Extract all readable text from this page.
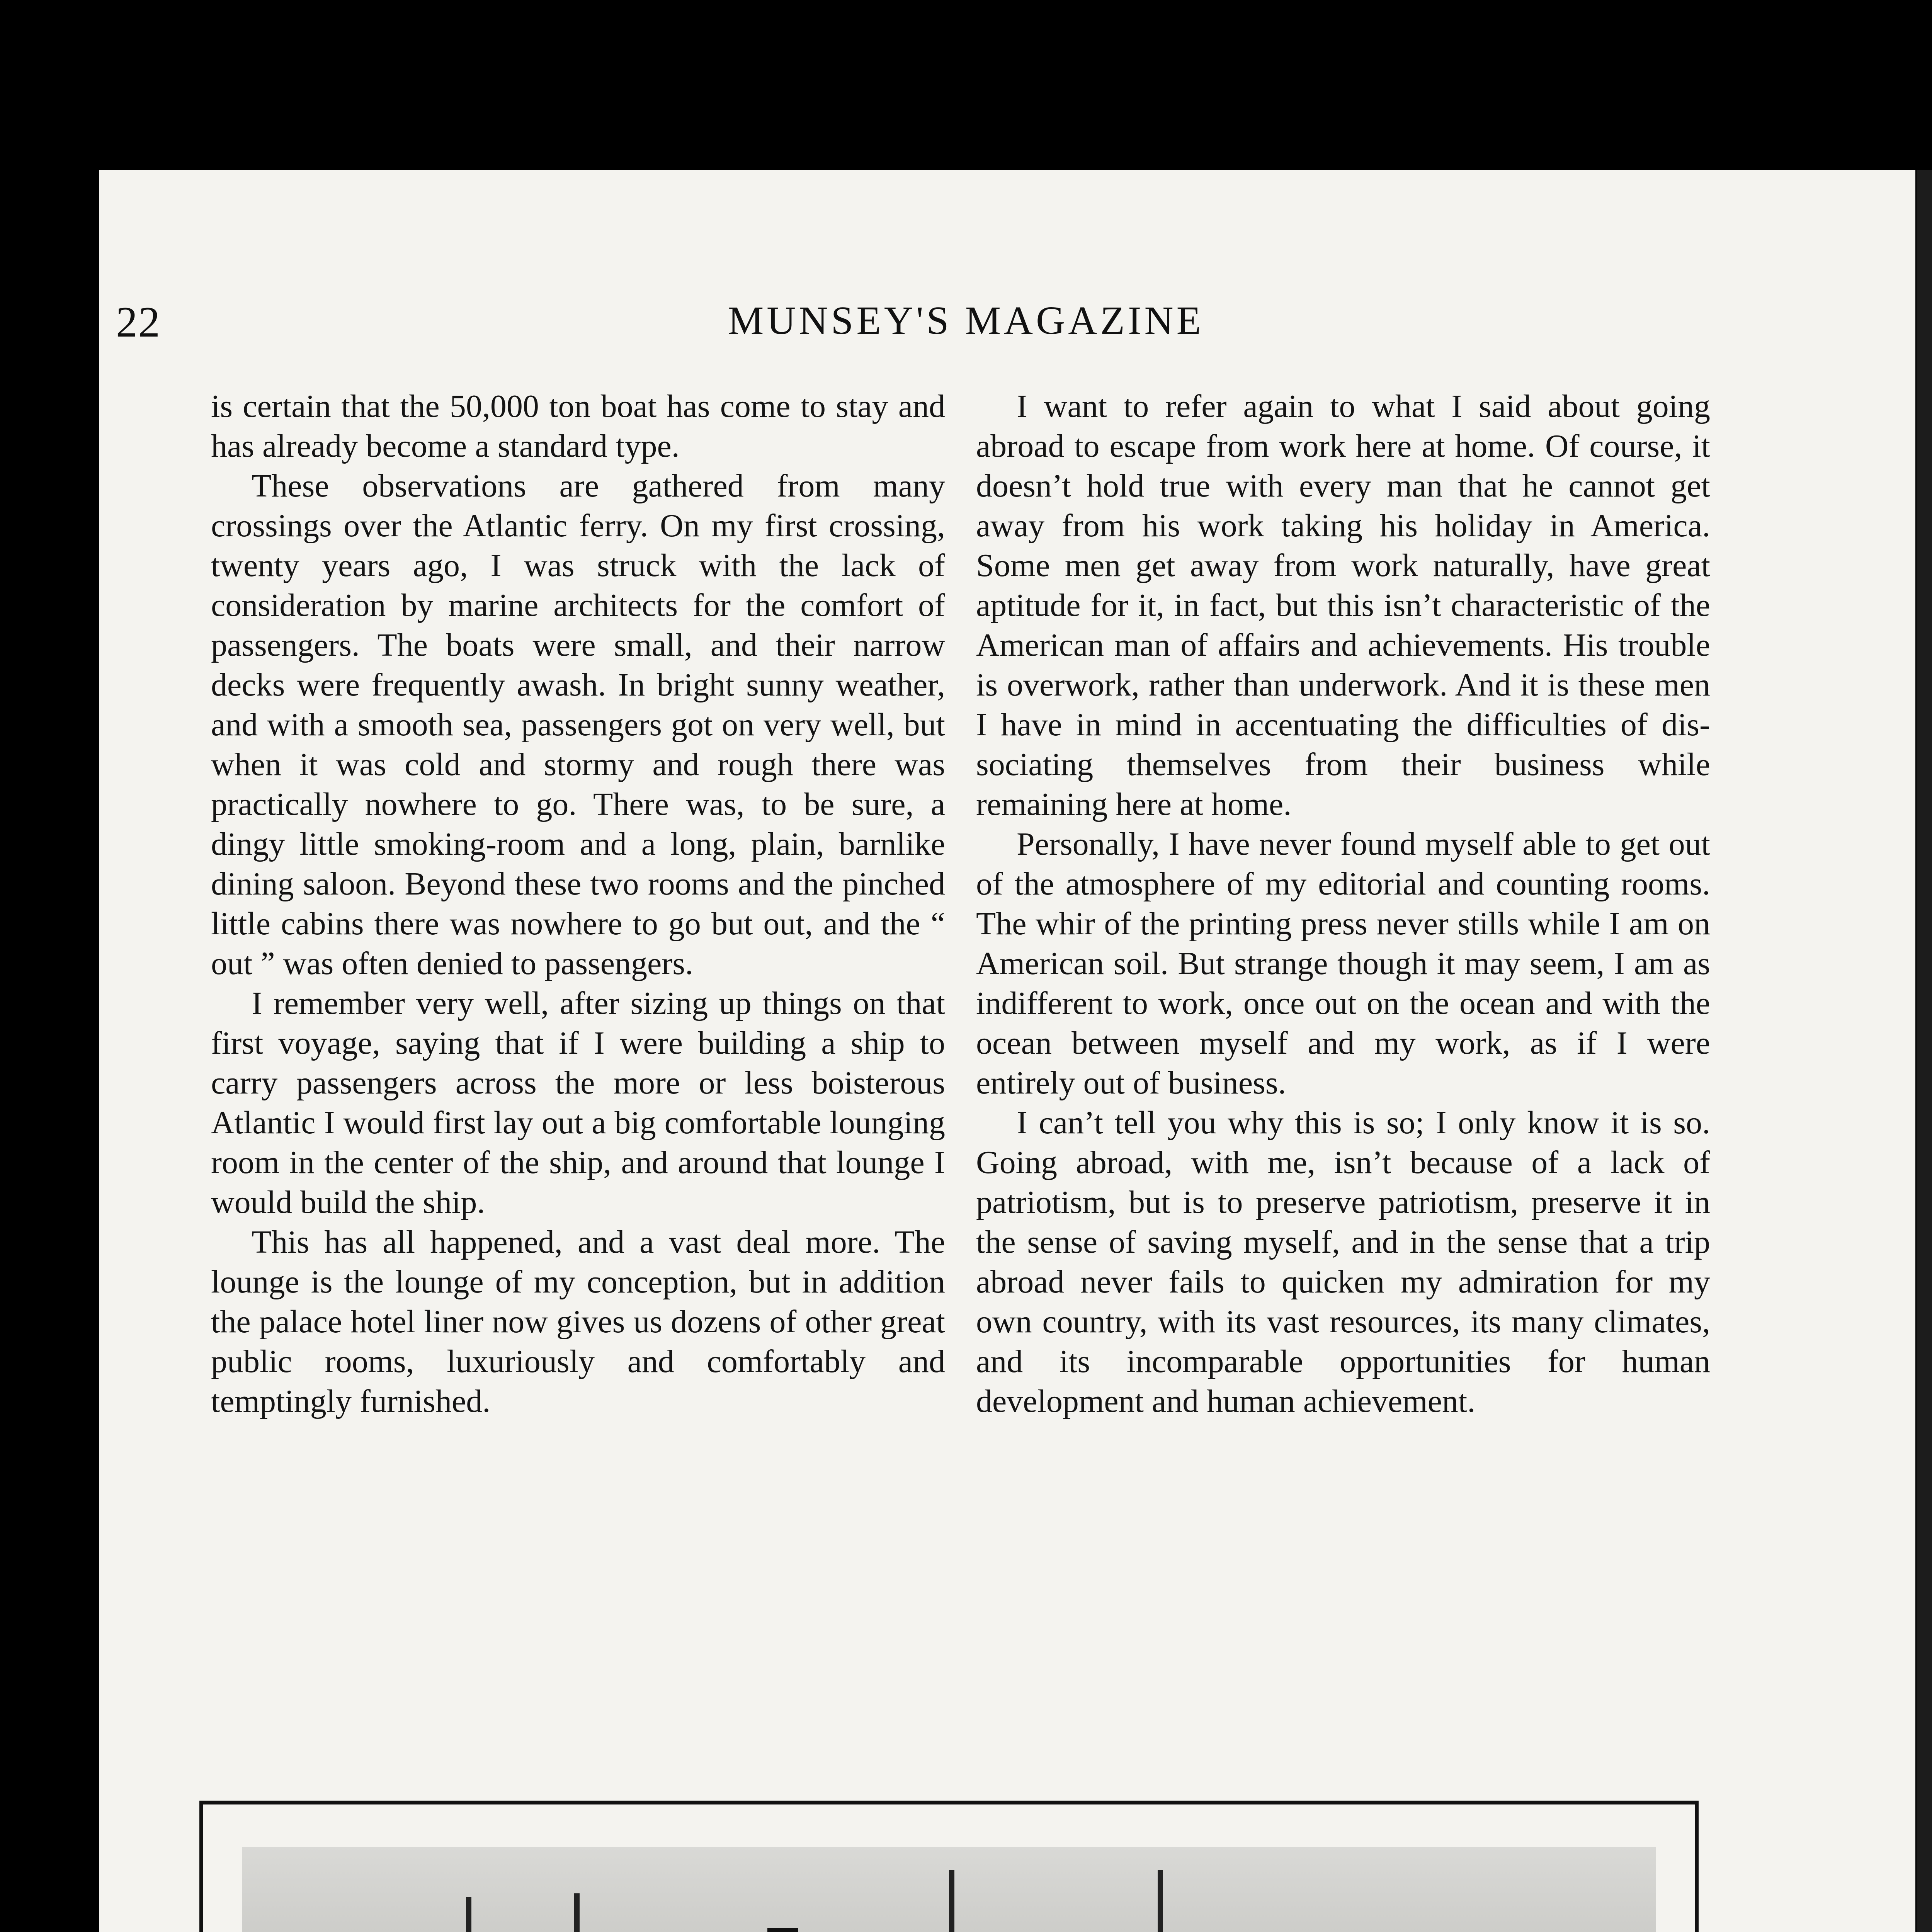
22	MUNSEY'S MAGAZINE

is certain that the 50,000 ton boat has come to stay and has already become a standard type.

These observations are gathered from many crossings over the Atlantic ferry. On my first crossing, twenty years ago, I was struck with the lack of consideration by marine architects for the comfort of passengers. The boats were small, and their narrow decks were frequently awash. In bright sunny weather, and with a smooth sea, passengers got on very well, but when it was cold and stormy and rough there was practically nowhere to go. There was, to be sure, a dingy little smoking-room and a long, plain, barnlike dining saloon. Beyond these two rooms and the pinched little cabins there was nowhere to go but out, and the “ out ” was often denied to passengers.

I remember very well, after sizing up things on that first voyage, saying that if I were building a ship to carry passengers across the more or less boisterous Atlantic I would first lay out a big comfortable lounging room in the center of the ship, and around that lounge I would build the ship.

This has all happened, and a vast deal more. The lounge is the lounge of my conception, but in addition the palace hotel liner now gives us dozens of other great public rooms, luxuriously and comfortably and temptingly furnished.

I want to refer again to what I said about going abroad to escape from work here at home. Of course, it doesn’t hold true with every man that he cannot get away from his work taking his holiday in America. Some men get away from work naturally, have great aptitude for it, in fact, but this isn’t characteristic of the American man of affairs and achievements. His trouble is overwork, rather than underwork. And it is these men I have in mind in accentuating the difficulties of dissociating themselves from their business while remaining here at home.

Personally, I have never found myself able to get out of the atmosphere of my editorial and counting rooms. The whir of the printing press never stills while I am on American soil. But strange though it may seem, I am as indifferent to work, once out on the ocean and with the ocean between myself and my work, as if I were entirely out of business.

I can’t tell you why this is so; I only know it is so. Going abroad, with me, isn’t because of a lack of patriotism, but is to preserve patriotism, preserve it in the sense of saving myself, and in the sense that a trip abroad never fails to quicken my admiration for my own country, with its vast resources, its many climates, and its incomparable opportunities for human development and human achievement.
